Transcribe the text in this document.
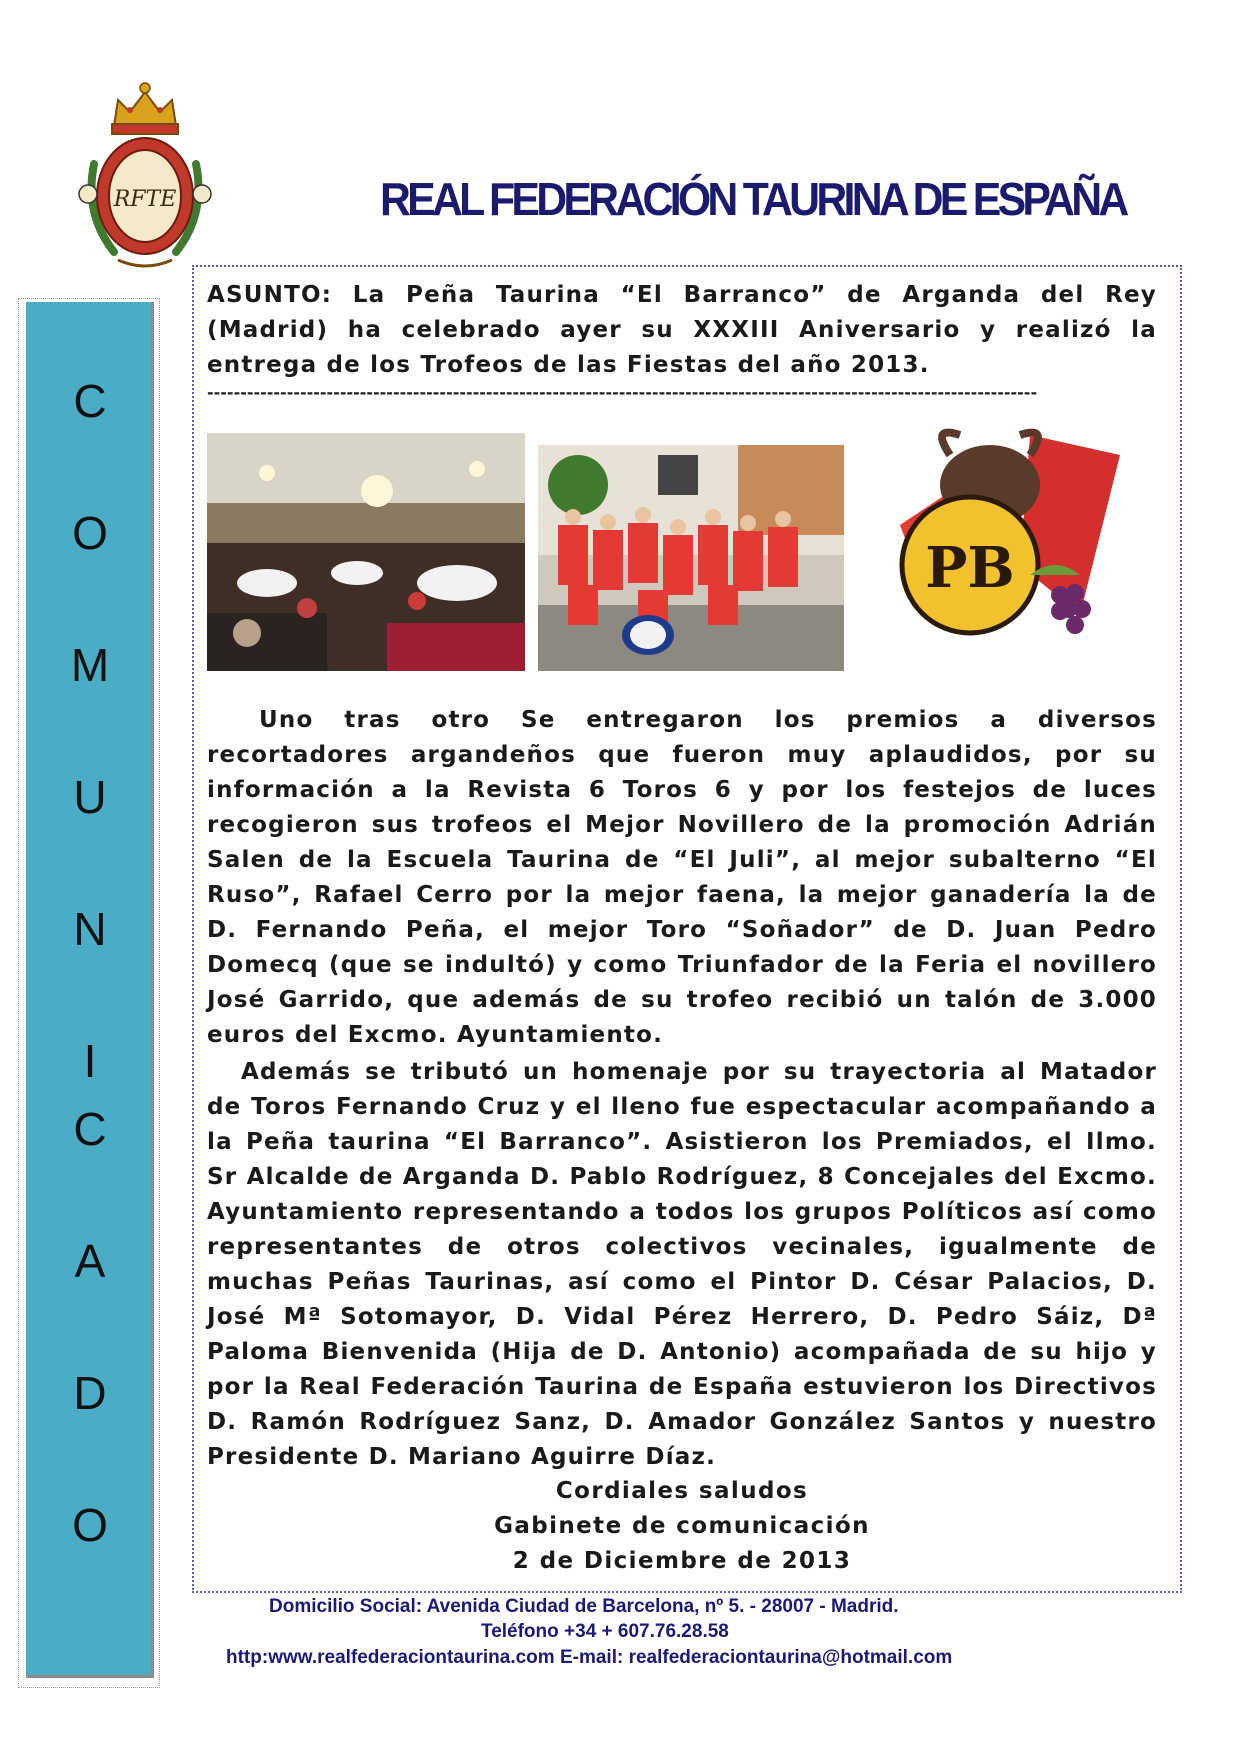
RFTE	REAL FEDERACIÓN TAURINA DE ESPAÑA
C
O
M
U
N
I
C
A
D
O
ASUNTO: La Peña Taurina “El Barranco” de Arganda del Rey (Madrid) ha celebrado ayer su XXXIII Aniversario y realizó la entrega de los Trofeos de las Fiestas del año 2013.
-----------------------------------------------------------------------------------------------------------------------------
PB
Uno tras otro Se entregaron los premios a diversos recortadores argandeños que fueron muy aplaudidos, por su información a la Revista 6 Toros 6 y por los festejos de luces recogieron sus trofeos el Mejor Novillero de la promoción Adrián Salen de la Escuela Taurina de “El Juli”, al mejor subalterno “El Ruso”, Rafael Cerro por la mejor faena, la mejor ganadería la de D. Fernando Peña, el mejor Toro “Soñador” de D. Juan Pedro Domecq (que se indultó) y como Triunfador de la Feria el novillero José Garrido, que además de su trofeo recibió un talón de 3.000 euros del Excmo. Ayuntamiento.
Además se tributó un homenaje por su trayectoria al Matador de Toros Fernando Cruz y el lleno fue espectacular acompañando a la Peña taurina “El Barranco”. Asistieron los Premiados, el Ilmo. Sr Alcalde de Arganda D. Pablo Rodríguez, 8 Concejales del Excmo. Ayuntamiento representando a todos los grupos Políticos así como representantes de otros colectivos vecinales, igualmente de muchas Peñas Taurinas, así como el Pintor D. César Palacios, D. José Mª Sotomayor, D. Vidal Pérez Herrero, D. Pedro Sáiz, Dª Paloma Bienvenida (Hija de D. Antonio) acompañada de su hijo y por la Real Federación Taurina de España estuvieron los Directivos D. Ramón Rodríguez Sanz, D. Amador González Santos y nuestro Presidente D. Mariano Aguirre Díaz.
Cordiales saludos
Gabinete de comunicación
2 de Diciembre de 2013
Domicilio Social: Avenida Ciudad de Barcelona, nº 5. - 28007 - Madrid.
Teléfono +34 + 607.76.28.58
http:www.realfederaciontaurina.com E-mail: realfederaciontaurina@hotmail.com
